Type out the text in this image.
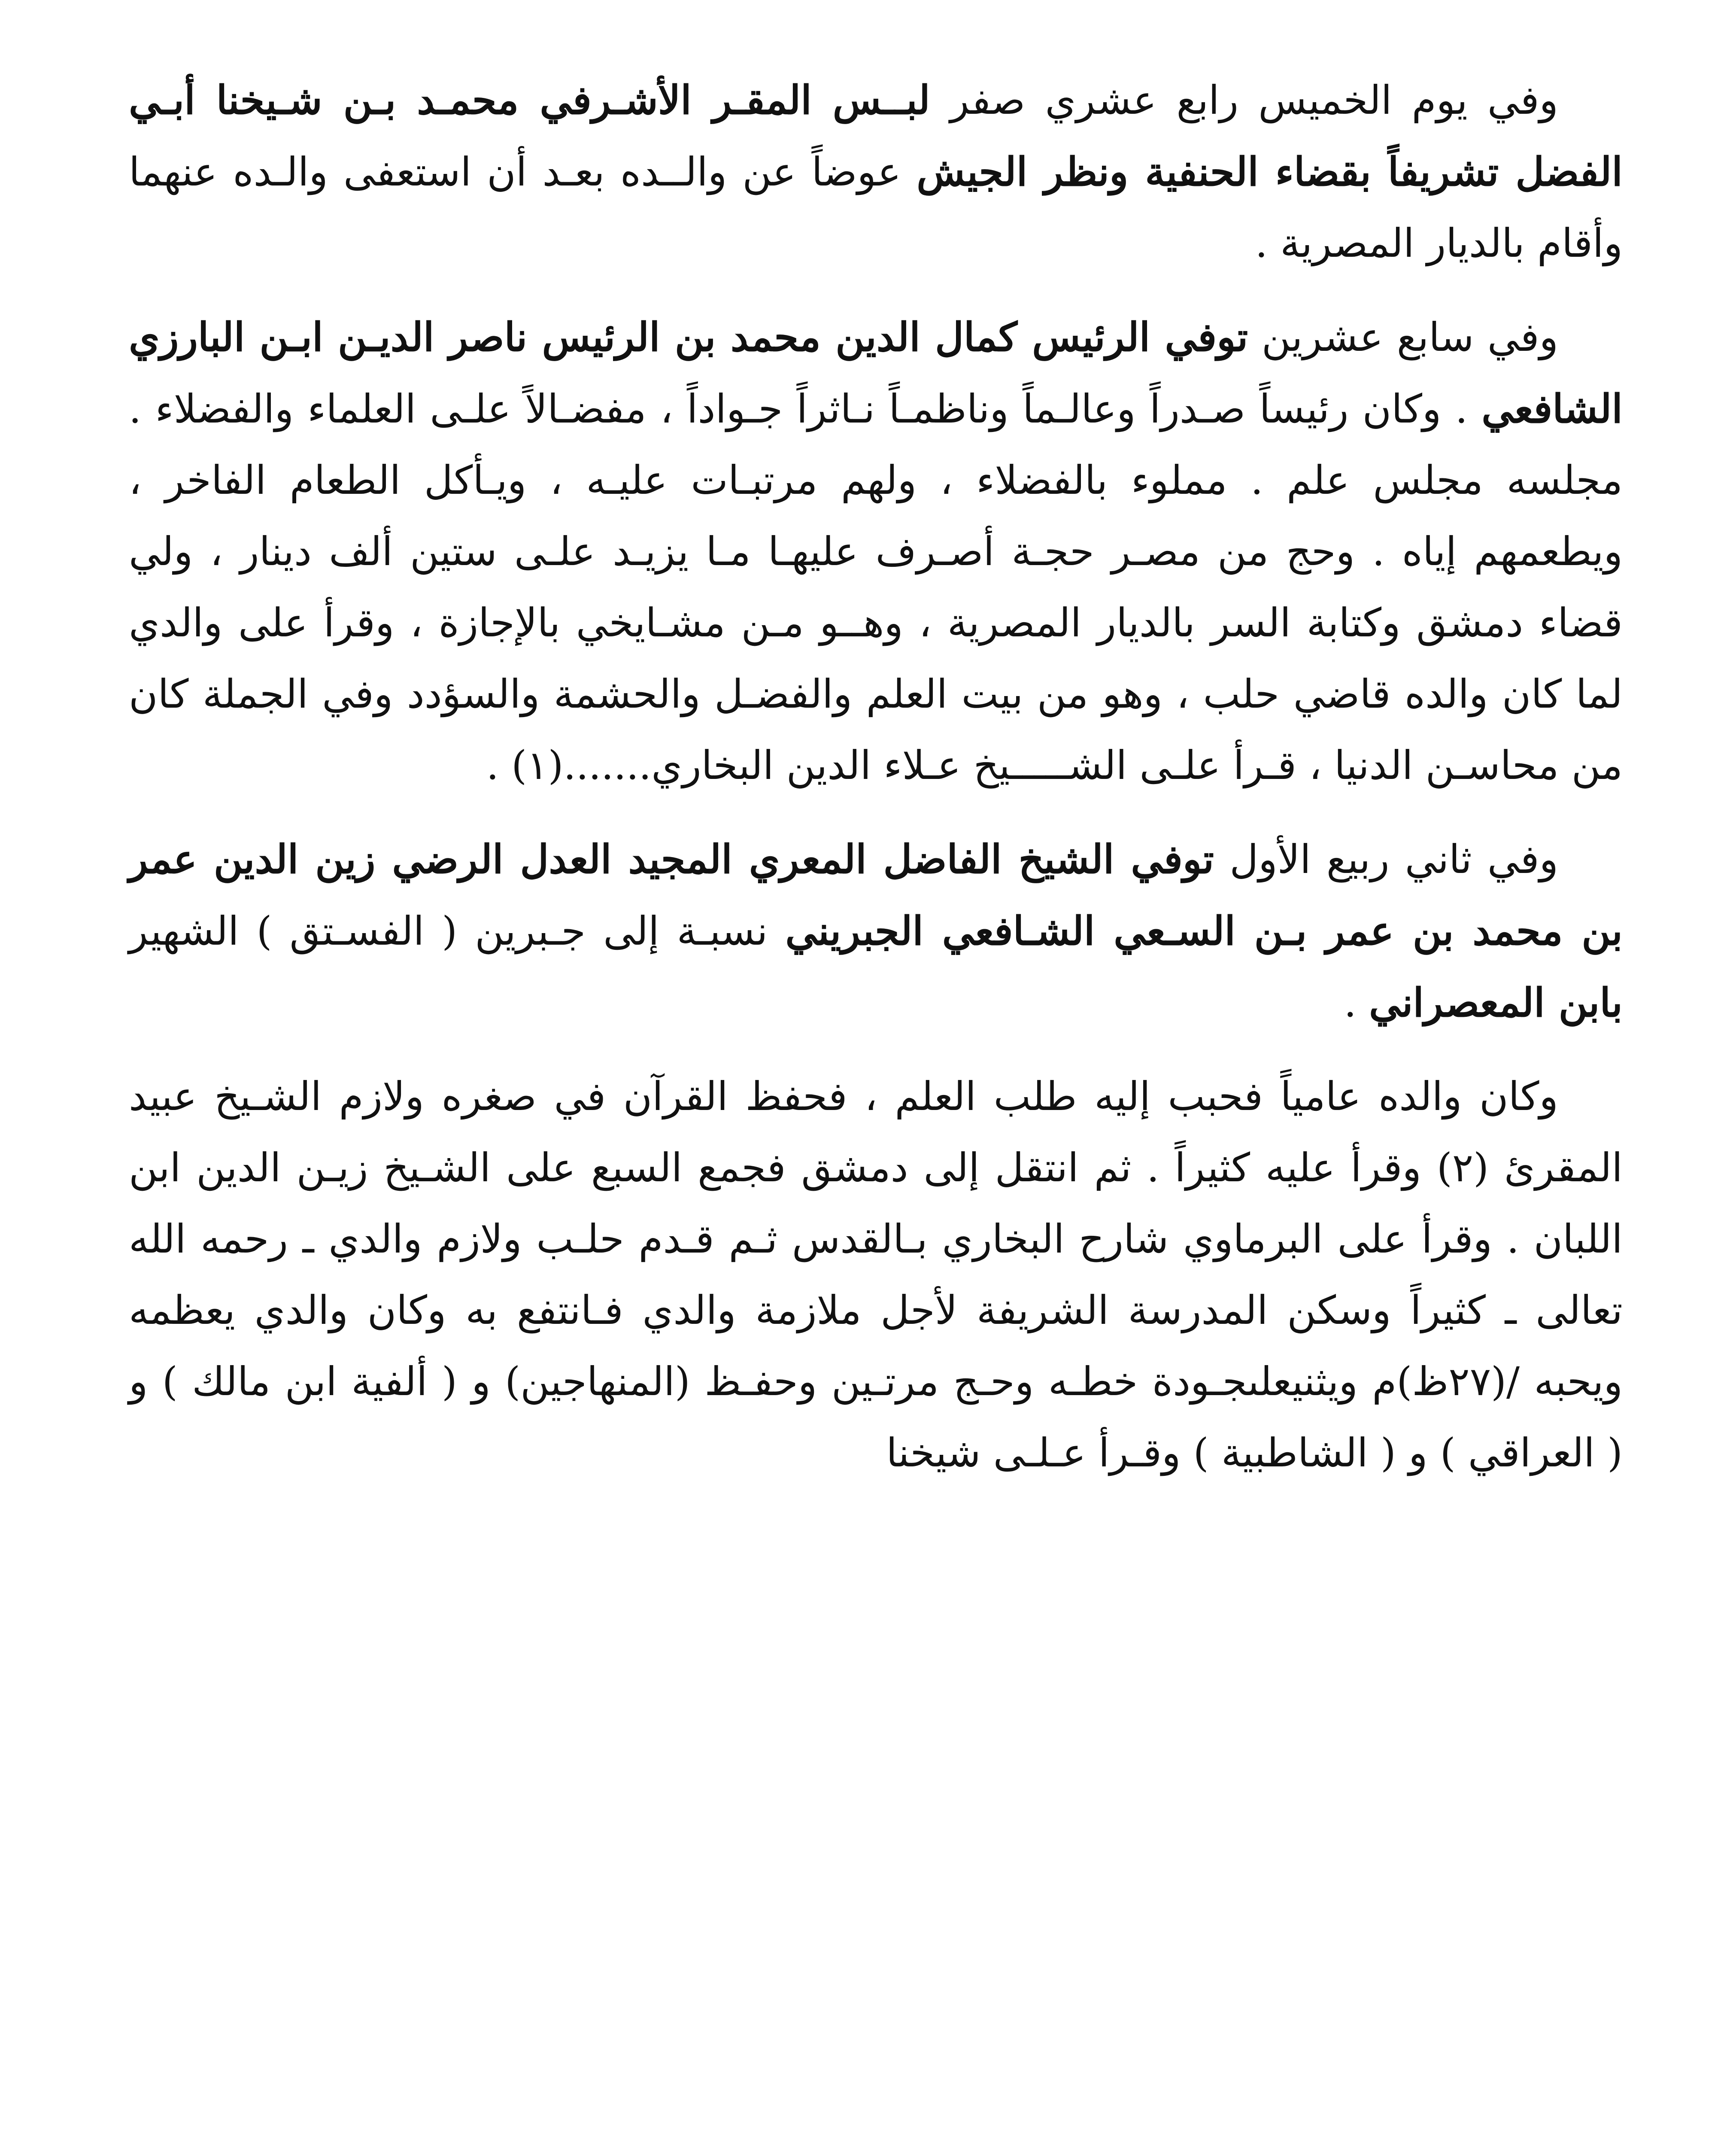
وفي يوم الخميس رابع عشري صفر لبــس المقـر الأشـرفي محمـد بـن شـيخنا أبـي الفضل تشريفاً بقضاء الحنفية ونظر الجيش عوضاً عن والــده بعـد أن استعفى والـده عنهما وأقام بالديار المصرية .

وفي سابع عشرين توفي الرئيس كمال الدين محمد بن الرئيس ناصر الديـن ابـن البارزي الشافعي . وكان رئيساً صـدراً وعالـماً وناظمـاً نـاثراً جـواداً ، مفضـالاً علـى العلماء والفضلاء . مجلسه مجلس علم . مملوء بالفضلاء ، ولهم مرتبـات عليـه ، ويـأكل الطعام الفاخر ، ويطعمهم إياه . وحج من مصـر حجـة أصـرف عليهـا مـا يزيـد علـى ستين ألف دينار ، ولي قضاء دمشق وكتابة السر بالديار المصرية ، وهــو مـن مشـايخي بالإجازة ، وقرأ على والدي لما كان والده قاضي حلب ، وهو من بيت العلم والفضـل والحشمة والسؤدد وفي الجملة كان من محاسـن الدنيا ، قـرأ علـى الشـــــيخ عـلاء الدين البخاري.......(١) .

وفي ثاني ربيع الأول توفي الشيخ الفاضل المعري المجيد العدل الرضي زين الدين عمر بن محمد بن عمر بـن السـعي الشـافعي الجبريني نسبـة إلى جـبرين ( الفسـتق ) الشهير بابن المعصراني .

وكان والده عامياً فحبب إليه طلب العلم ، فحفظ القرآن في صغره ولازم الشـيخ عبيد المقرئ (٢) وقرأ عليه كثيراً . ثم انتقل إلى دمشق فجمع السبع على الشـيخ زيـن الدين ابن اللبان . وقرأ على البرماوي شارح البخاري بـالقدس ثـم قـدم حلـب ولازم والدي ـ رحمه الله تعالى ـ كثيراً وسكن المدرسة الشريفة لأجل ملازمة والدي فـانتفع به وكان والدي يعظمه ويحبه /(٢٧ظ)م ويثنيعلىجـودة خطـه وحـج مرتـين وحفـظ (المنهاجين) و ( ألفية ابن مالك ) و ( العراقي ) و ( الشاطبية ) وقـرأ عـلـى شيخنا
